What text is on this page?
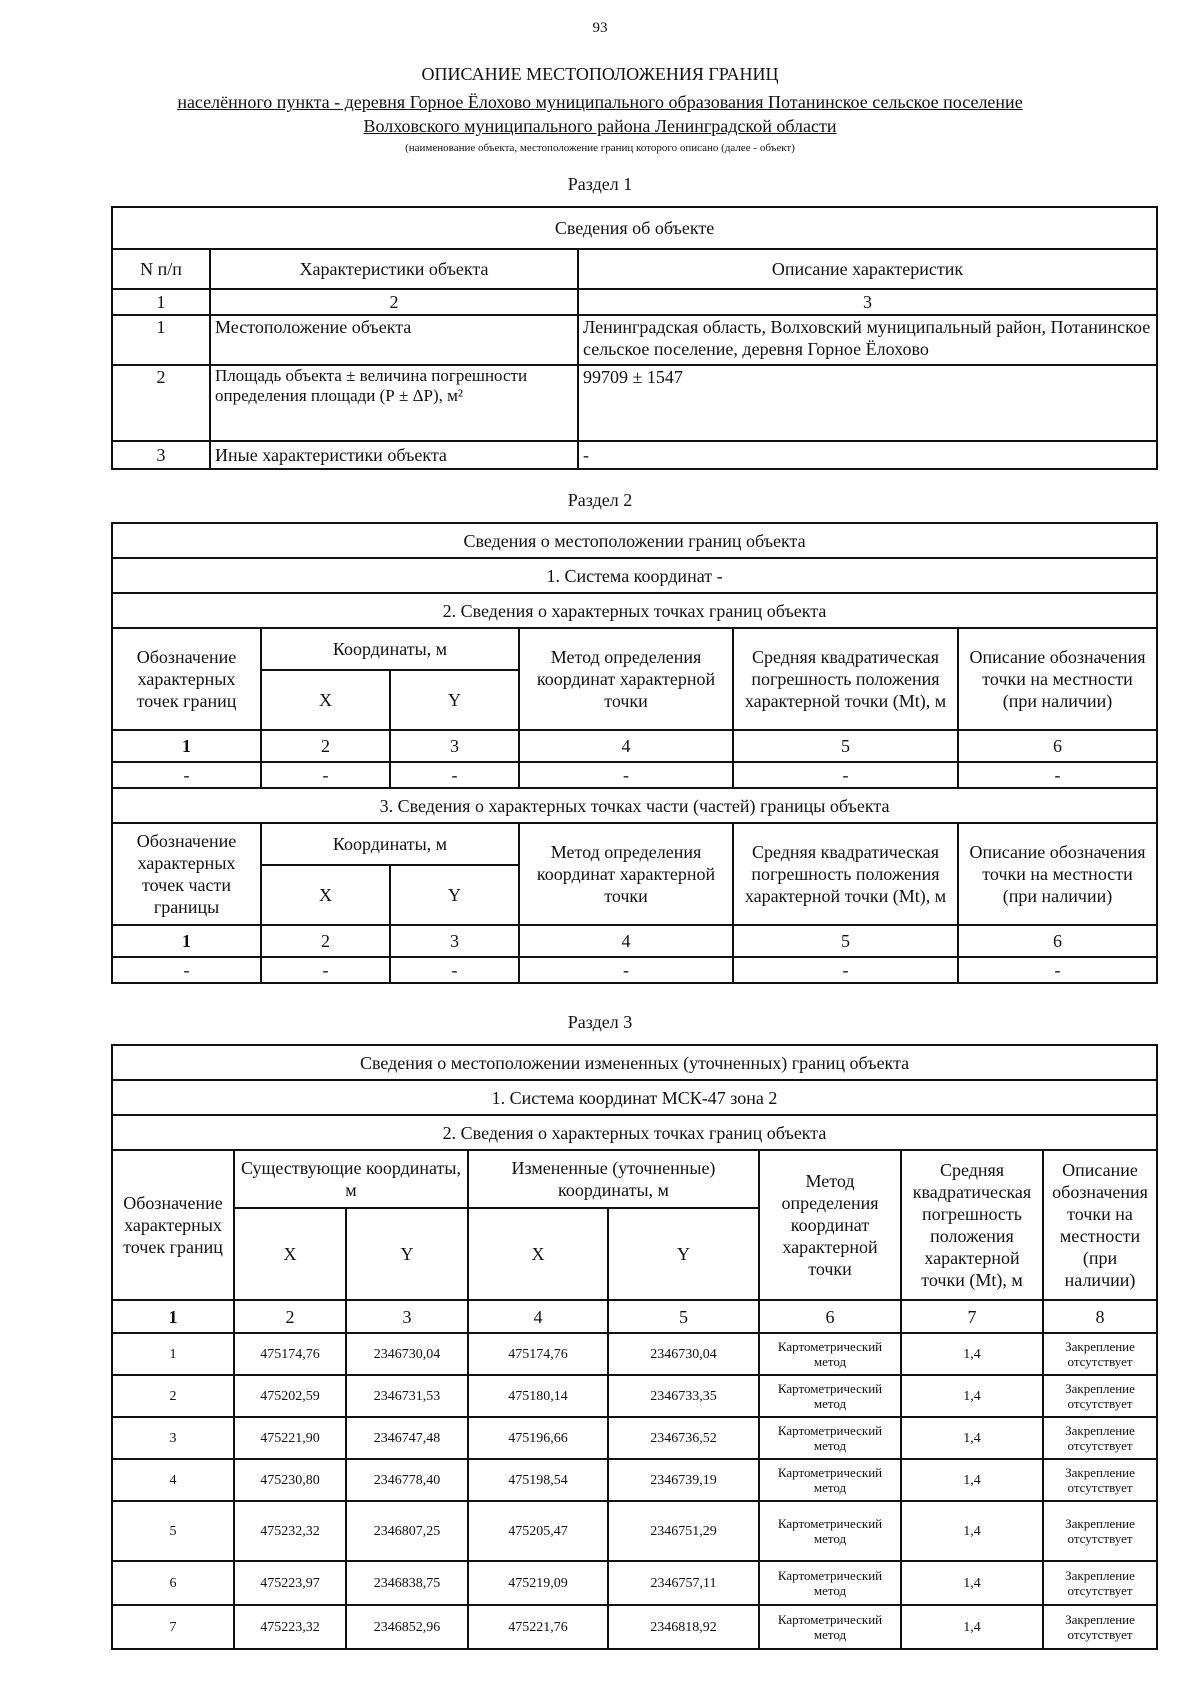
93
ОПИСАНИЕ МЕСТОПОЛОЖЕНИЯ ГРАНИЦ
населённого пункта - деревня Горное Ёлохово муниципального образования Потанинское сельское поселение
Волховского муниципального района Ленинградской области
(наименование объекта, местоположение границ которого описано (далее - объект)
Раздел 1
Сведения об объекте		
N п/п	Характеристики объекта	Описание характеристик
1	2	3
1	Местоположение объекта	Ленинградская область, Волховский муниципальный район, Потанинское сельское поселение, деревня Горное Ёлохово
2	Площадь объекта ± величина погрешности определения площади (Р ± ΔР), м²	99709 ± 1547
3	Иные характеристики объекта	-
Раздел 2
Сведения о местоположении границ объекта					
1. Система координат -					
2. Сведения о характерных точках границ объекта					
Обозначение характерных точек границ	Координаты, м		Метод определения координат характерной точки	Средняя квадратическая погрешность положения характерной точки (Mt), м	Описание обозначения точки на местности (при наличии)
	X	Y			
1	2	3	4	5	6
-	-	-	-	-	-
3. Сведения о характерных точках части (частей) границы объекта					
Обозначение характерных точек части границы	Координаты, м		Метод определения координат характерной точки	Средняя квадратическая погрешность положения характерной точки (Mt), м	Описание обозначения точки на местности (при наличии)
	X	Y			
1	2	3	4	5	6
-	-	-	-	-	-
Раздел 3
Сведения о местоположении измененных (уточненных) границ объекта							
1. Система координат МСК-47 зона 2							
2. Сведения о характерных точках границ объекта							
Обозначение характерных точек границ	Существующие координаты, м		Измененные (уточненные) координаты, м		Метод определения координат характерной точки	Средняя квадратическая погрешность положения характерной точки (Mt), м	Описание обозначения точки на местности (при наличии)
	X	Y	X	Y			
1	2	3	4	5	6	7	8
1	475174,76	2346730,04	475174,76	2346730,04	Картометрический метод	1,4	Закрепление отсутствует
2	475202,59	2346731,53	475180,14	2346733,35	Картометрический метод	1,4	Закрепление отсутствует
3	475221,90	2346747,48	475196,66	2346736,52	Картометрический метод	1,4	Закрепление отсутствует
4	475230,80	2346778,40	475198,54	2346739,19	Картометрический метод	1,4	Закрепление отсутствует
5	475232,32	2346807,25	475205,47	2346751,29	Картометрический метод	1,4	Закрепление отсутствует
6	475223,97	2346838,75	475219,09	2346757,11	Картометрический метод	1,4	Закрепление отсутствует
7	475223,32	2346852,96	475221,76	2346818,92	Картометрический метод	1,4	Закрепление отсутствует
